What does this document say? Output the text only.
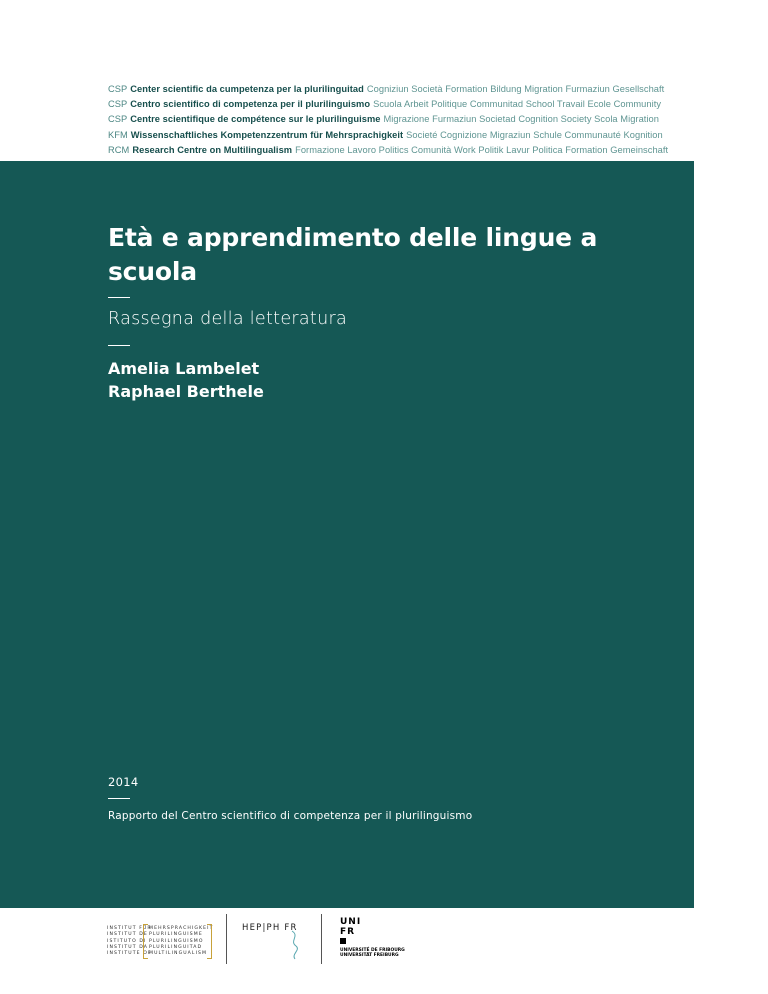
CSP Center scientific da cumpetenza per la plurilinguitad Cogniziun Società Formation Bildung Migration Furmaziun Gesellschaft
CSP Centro scientifico di competenza per il plurilinguismo Scuola Arbeit Politique Communitad School Travail Ecole Community
CSP Centre scientifique de compétence sur le plurilinguisme Migrazione Furmaziun Societad Cognition Society Scola Migration
KFM Wissenschaftliches Kompetenzzentrum für Mehrsprachigkeit Societé Cognizione Migraziun Schule Communauté Kognition
RCM Research Centre on Multilingualism Formazione Lavoro Politics Comunità Work Politik Lavur Politica Formation Gemeinschaft
Età e apprendimento delle lingue a scuola
Rassegna della letteratura
Amelia Lambelet
Raphael Berthele
2014
Rapporto del Centro scientifico di competenza per il plurilinguismo
INSTITUT FÜRMEHRSPRACHIGKEIT
INSTITUT DEPLURILINGUISME
ISTITUTO DI PLURILINGUISMO
INSTITUT DAPLURILINGUITAD
INSTITUTE OFMULTILINGUALISM
HEP|PH FR
UNI
FR
UNIVERSITÉ DE FRIBOURG
UNIVERSITÄT FREIBURG
